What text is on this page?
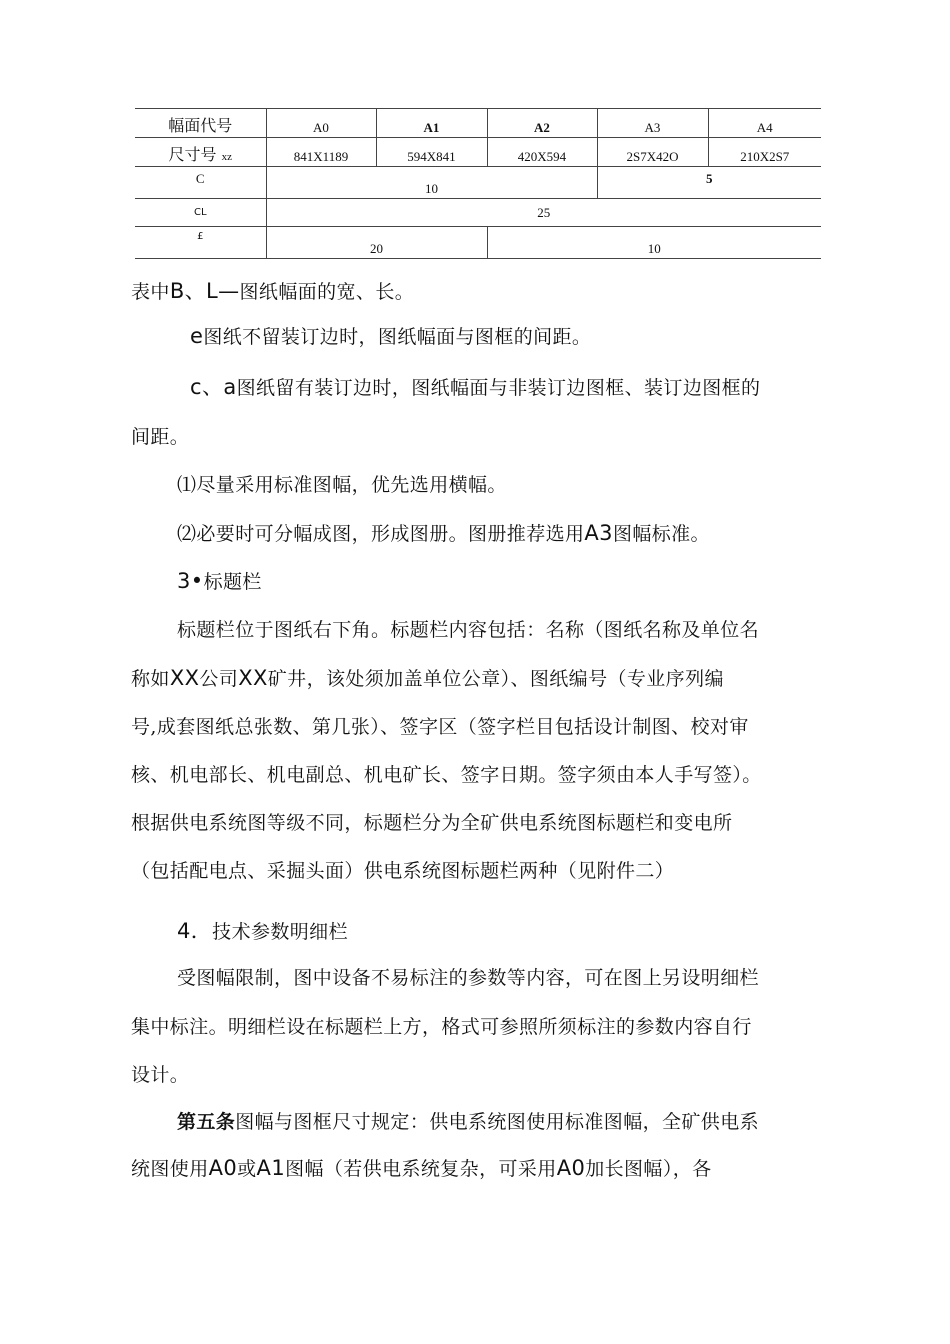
幅面代号	A0	A1	A2	A3	A4
尺寸号 xz	841X1189	594X841	420X594	2S7X42O	210X2S7
C	10			5	
CL	25				
£	20		10		

表中B、L—图纸幅面的宽、长。

e图纸不留装订边时，图纸幅面与图框的间距。

c、a图纸留有装订边时，图纸幅面与非装订边图框、装订边图框的

间距。

⑴尽量采用标准图幅，优先选用横幅。

⑵必要时可分幅成图，形成图册。图册推荐选用A3图幅标准。

3•标题栏

标题栏位于图纸右下角。标题栏内容包括：名称（图纸名称及单位名

称如XX公司XX矿井，该处须加盖单位公章）、图纸编号（专业序列编

号,成套图纸总张数、第几张）、签字区（签字栏目包括设计制图、校对审

核、机电部长、机电副总、机电矿长、签字日期。签字须由本人手写签）。

根据供电系统图等级不同，标题栏分为全矿供电系统图标题栏和变电所

（包括配电点、采掘头面）供电系统图标题栏两种（见附件二）

4．技术参数明细栏

受图幅限制，图中设备不易标注的参数等内容，可在图上另设明细栏

集中标注。明细栏设在标题栏上方，格式可参照所须标注的参数内容自行

设计。

第五条图幅与图框尺寸规定：供电系统图使用标准图幅，全矿供电系

统图使用A0或A1图幅（若供电系统复杂，可采用A0加长图幅），各
